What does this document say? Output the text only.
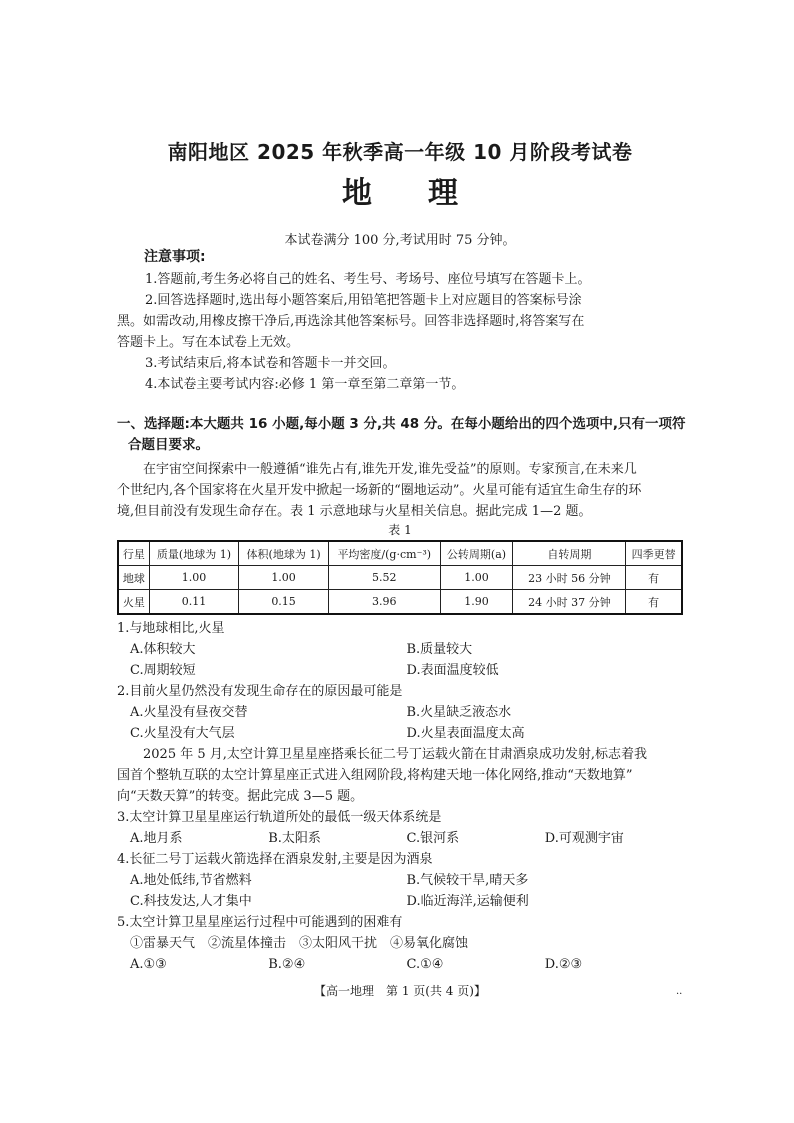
南阳地区 2025 年秋季高一年级 10 月阶段考试卷
地 理
本试卷满分 100 分,考试用时 75 分钟。
注意事项:
1.答题前,考生务必将自己的姓名、考生号、考场号、座位号填写在答题卡上。
2.回答选择题时,选出每小题答案后,用铅笔把答题卡上对应题目的答案标号涂
黑。如需改动,用橡皮擦干净后,再选涂其他答案标号。回答非选择题时,将答案写在
答题卡上。写在本试卷上无效。
3.考试结束后,将本试卷和答题卡一并交回。
4.本试卷主要考试内容:必修 1 第一章至第二章第一节。
一、选择题:本大题共 16 小题,每小题 3 分,共 48 分。在每小题给出的四个选项中,只有一项符
合题目要求。
在宇宙空间探索中一般遵循“谁先占有,谁先开发,谁先受益”的原则。专家预言,在未来几
个世纪内,各个国家将在火星开发中掀起一场新的“圈地运动”。火星可能有适宜生命生存的环
境,但目前没有发现生命存在。表 1 示意地球与火星相关信息。据此完成 1—2 题。
表 1
行星	质量(地球为 1)	体积(地球为 1)	平均密度/(g·cm⁻³)	公转周期(a)	自转周期	四季更替
地球	1.00	1.00	5.52	1.00	23 小时 56 分钟	有
火星	0.11	0.15	3.96	1.90	24 小时 37 分钟	有
1.与地球相比,火星
A.体积较大	B.质量较大
C.周期较短	D.表面温度较低
2.目前火星仍然没有发现生命存在的原因最可能是
A.火星没有昼夜交替	B.火星缺乏液态水
C.火星没有大气层	D.火星表面温度太高
2025 年 5 月,太空计算卫星星座搭乘长征二号丁运载火箭在甘肃酒泉成功发射,标志着我
国首个整轨互联的太空计算星座正式进入组网阶段,将构建天地一体化网络,推动“天数地算”
向“天数天算”的转变。据此完成 3—5 题。
3.太空计算卫星星座运行轨道所处的最低一级天体系统是
A.地月系	B.太阳系	C.银河系	D.可观测宇宙
4.长征二号丁运载火箭选择在酒泉发射,主要是因为酒泉
A.地处低纬,节省燃料	B.气候较干旱,晴天多
C.科技发达,人才集中	D.临近海洋,运输便利
5.太空计算卫星星座运行过程中可能遇到的困难有
①雷暴天气　②流星体撞击　③太阳风干扰　④易氧化腐蚀
A.①③	B.②④	C.①④	D.②③
【高一地理　第 1 页(共 4 页)】	..
